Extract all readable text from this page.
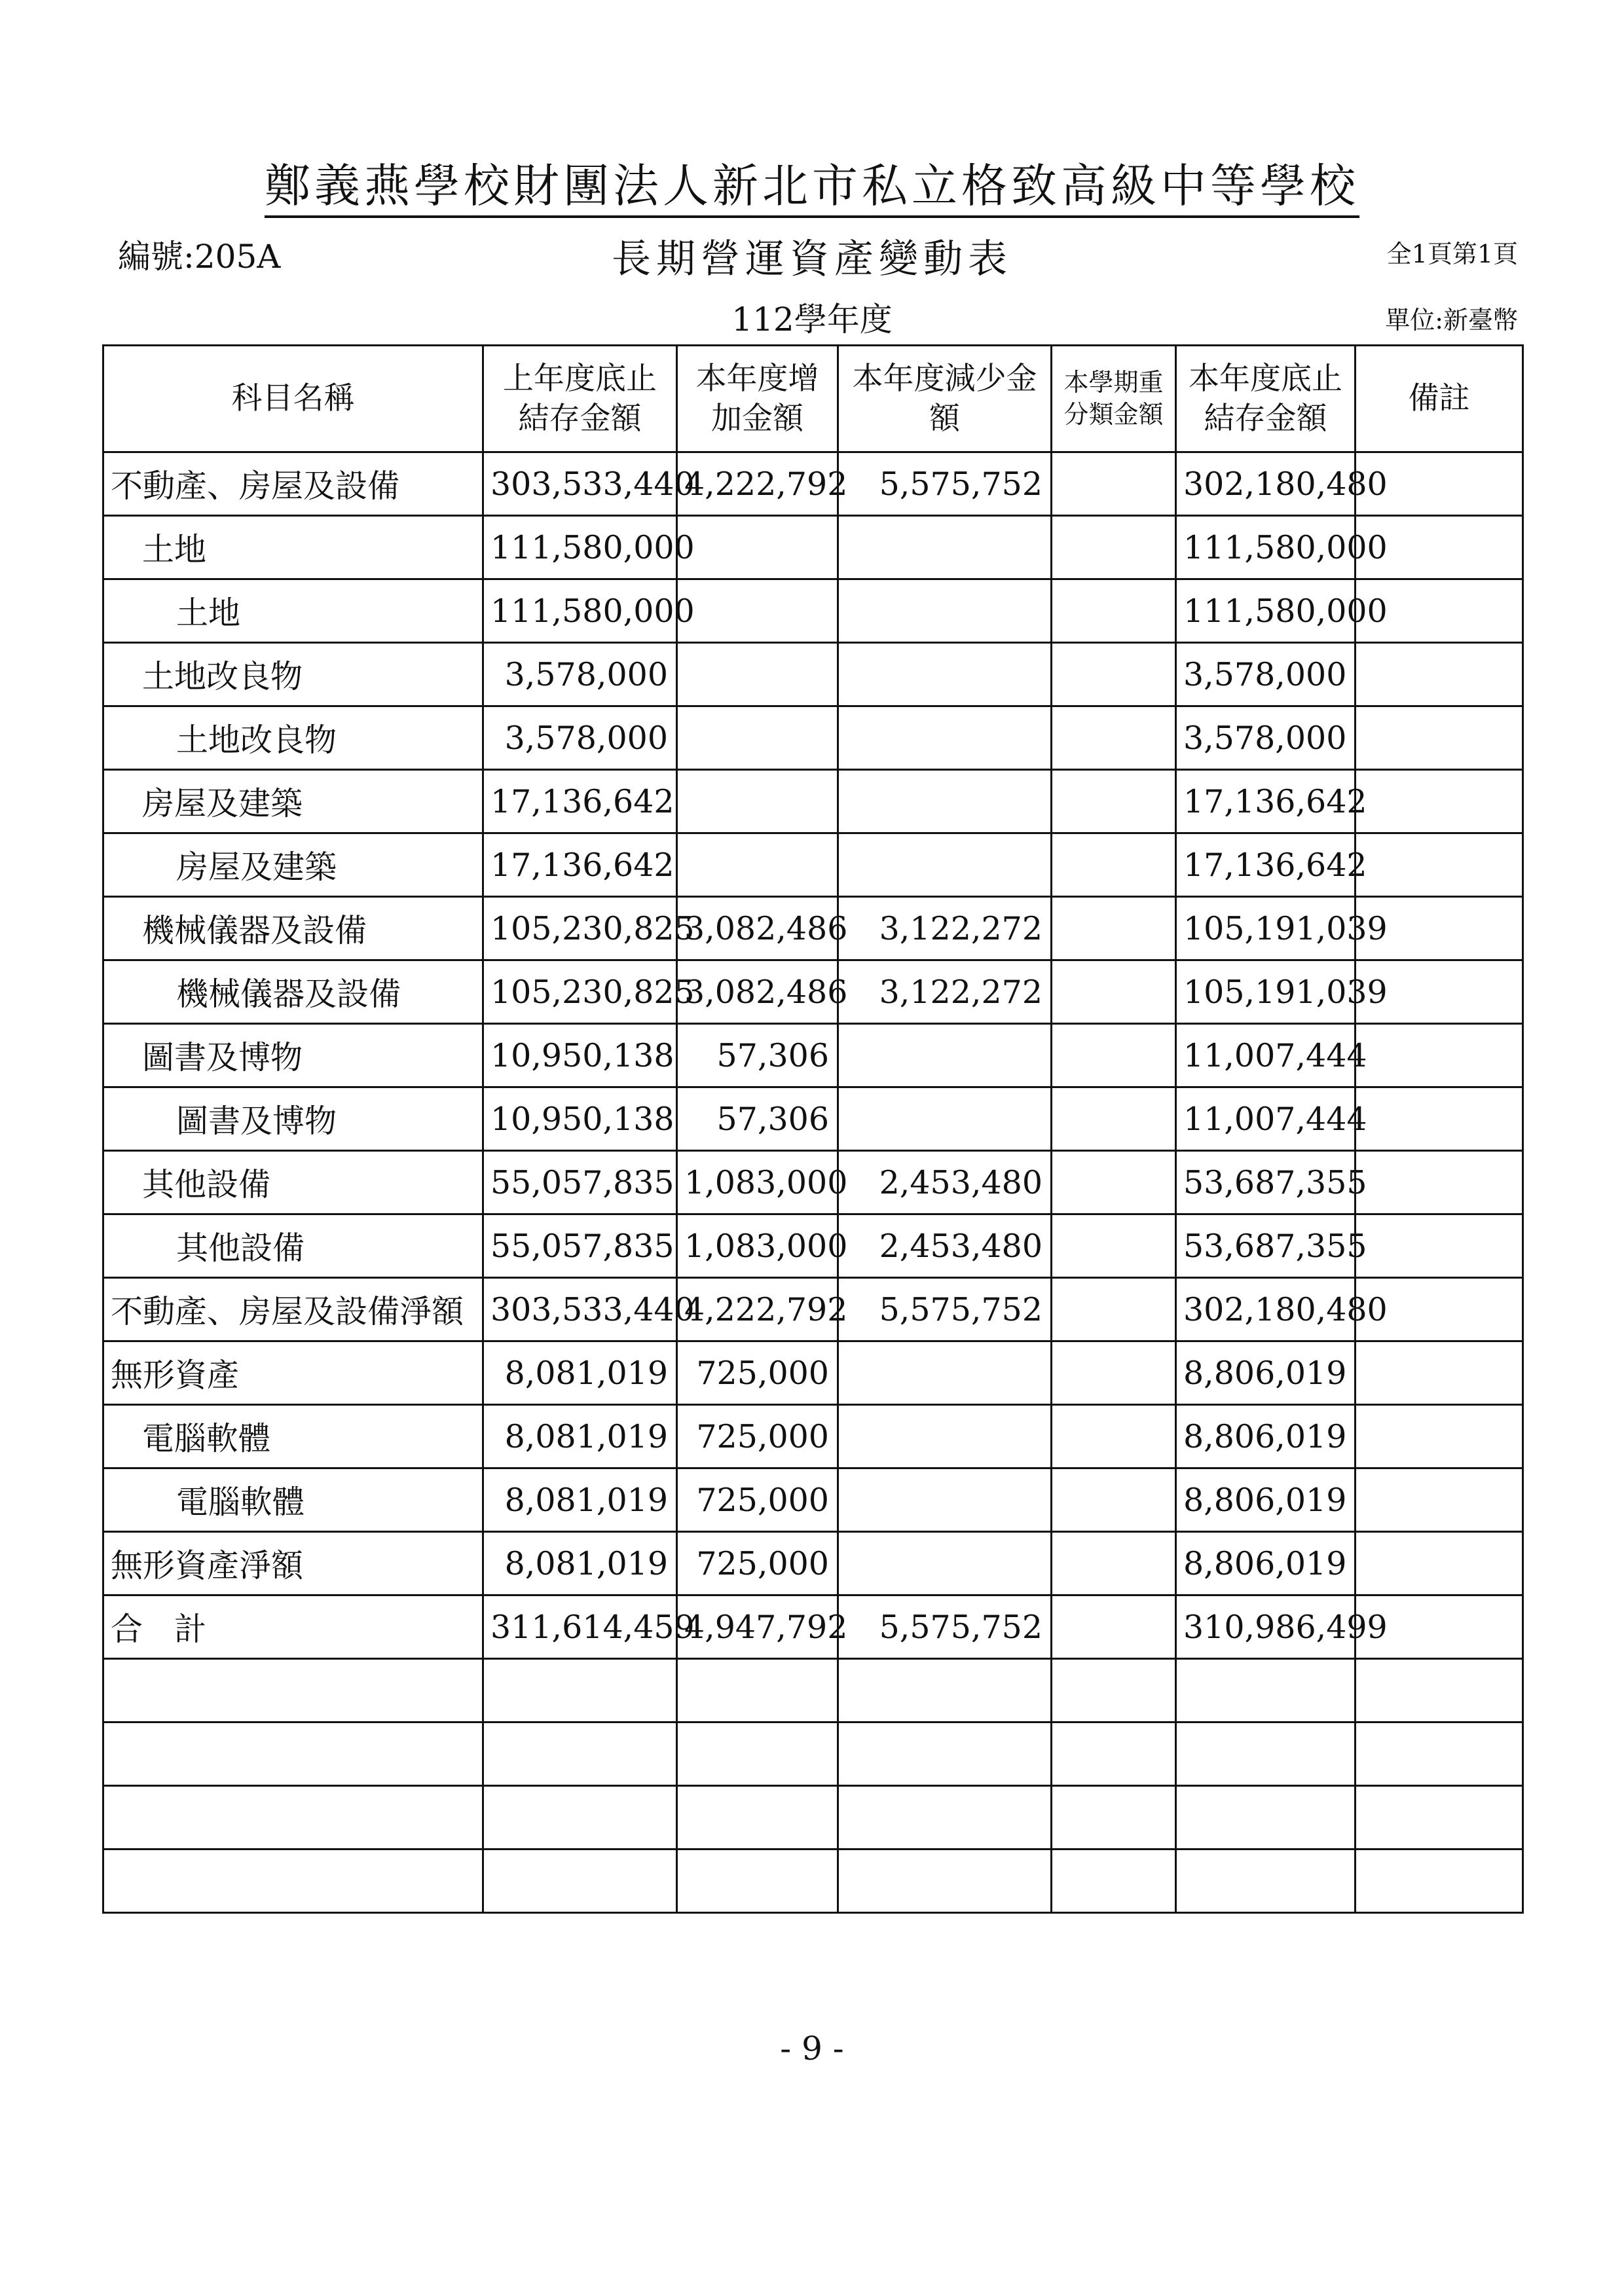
鄭義燕學校財團法人新北市私立格致高級中等學校
編號:205A	長期營運資產變動表	全1頁第1頁
112學年度	單位:新臺幣
科目名稱	上年度底止結存金額	本年度增加金額	本年度減少金額	本學期重分類金額	本年度底止結存金額	備註
不動產、房屋及設備	303,533,440	4,222,792	5,575,752		302,180,480	
土地	111,580,000				111,580,000	
土地	111,580,000				111,580,000	
土地改良物	3,578,000				3,578,000	
土地改良物	3,578,000				3,578,000	
房屋及建築	17,136,642				17,136,642	
房屋及建築	17,136,642				17,136,642	
機械儀器及設備	105,230,825	3,082,486	3,122,272		105,191,039	
機械儀器及設備	105,230,825	3,082,486	3,122,272		105,191,039	
圖書及博物	10,950,138	57,306			11,007,444	
圖書及博物	10,950,138	57,306			11,007,444	
其他設備	55,057,835	1,083,000	2,453,480		53,687,355	
其他設備	55,057,835	1,083,000	2,453,480		53,687,355	
不動產、房屋及設備淨額	303,533,440	4,222,792	5,575,752		302,180,480	
無形資產	8,081,019	725,000			8,806,019	
電腦軟體	8,081,019	725,000			8,806,019	
電腦軟體	8,081,019	725,000			8,806,019	
無形資產淨額	8,081,019	725,000			8,806,019	
合計	311,614,459	4,947,792	5,575,752		310,986,499	

- 9 -
